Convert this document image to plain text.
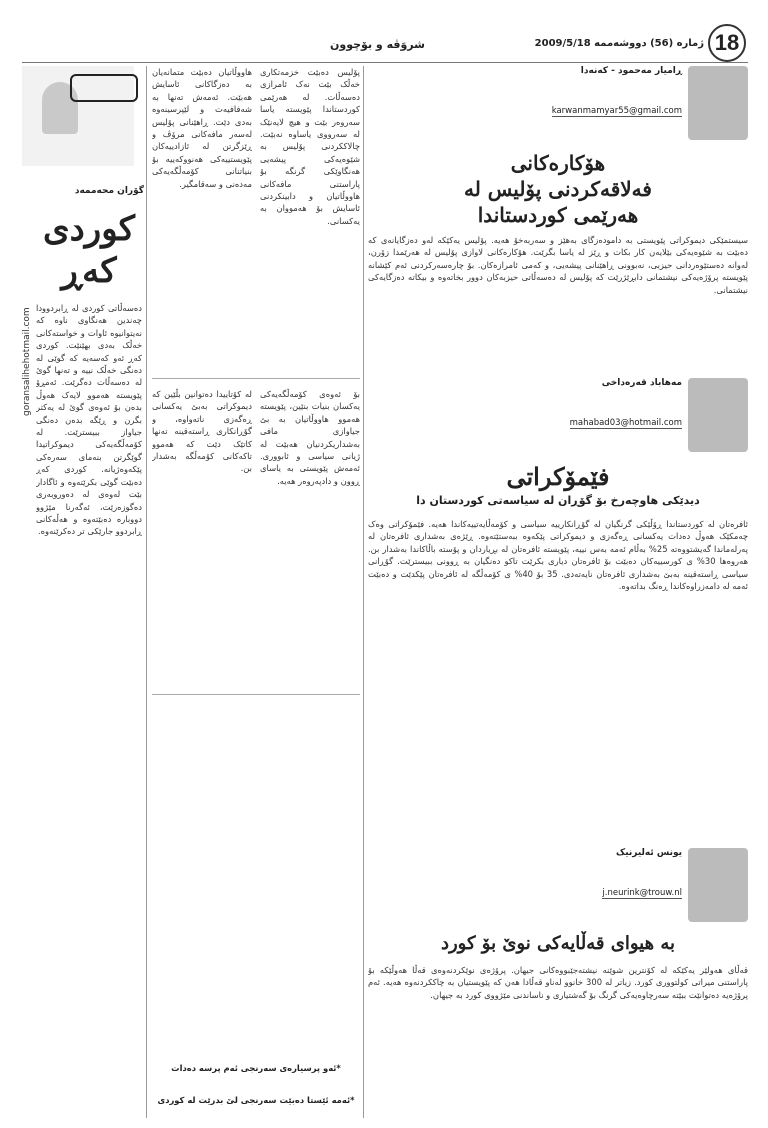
18
ژمارە (56) دووشەممە 2009/5/18
شروَڤە و بۆچوون
goransalihehotmail.com
گۆران محەممەد
کوردی کەڕ
دەسەڵاتی کوردی لە ڕابردوودا چەندین هەنگاوی ناوە کە نەیتوانیوە ئاوات و خواستەکانی خەڵک بەدی بهێنێت. کوردی کەڕ ئەو کەسەیە کە گوێی لە دەنگی خەڵک نییە و تەنها گوێ لە دەسەڵات دەگرێت. ئەمڕۆ پێویستە هەموو لایەک هەوڵ بدەن بۆ ئەوەی گوێ لە یەکتر بگرن و ڕێگە بدەن دەنگی جیاواز ببیسترێت. لە کۆمەڵگەیەکی دیموکراتیدا گوێگرتن بنەمای سەرەکی پێکەوەژیانە. کوردی کەڕ دەبێت گوێی بکرێتەوە و ئاگادار بێت لەوەی لە دەوروبەری دەگوزەرێت، ئەگەرنا مێژوو دووبارە دەبێتەوە و هەڵەکانی ڕابردوو جارێکی تر دەکرێنەوە.
پۆلیس دەبێت خزمەتکاری خەڵک بێت نەک ئامرازی دەسەڵات. لە هەرێمی کوردستاندا پێویستە یاسا سەروەر بێت و هیچ لایەنێک لە سەرووی یاساوە نەبێت. چالاککردنی پۆلیس بە شێوەیەکی پیشەیی هەنگاوێکی گرنگە بۆ پاراستنی مافەکانی هاووڵاتیان و دابینکردنی ئاسایش بۆ هەمووان بە یەکسانی.
هاووڵاتیان دەبێت متمانەیان بە دەزگاکانی ئاسایش هەبێت. ئەمەش تەنها بە شەفافیەت و لێپرسینەوە بەدی دێت. ڕاهێنانی پۆلیس لەسەر مافەکانی مرۆڤ و ڕێزگرتن لە ئازادییەکان پێویستییەکی هەنووکەییە بۆ بنیاتنانی کۆمەڵگەیەکی مەدەنی و سەقامگیر.
بۆ ئەوەی کۆمەڵگەیەکی یەکسان بنیات بنێین، پێویستە هەموو هاووڵاتیان بە بێ جیاوازی مافی بەشداریکردنیان هەبێت لە ژیانی سیاسی و ئابووری. ئەمەش پێویستی بە یاسای ڕوون و دادپەروەر هەیە.
لە کۆتاییدا دەتوانین بڵێین کە دیموکراتی بەبێ یەکسانی ڕەگەزی ناتەواوە، و گۆڕانکاری ڕاستەقینە تەنها کاتێک دێت کە هەموو تاکەکانی کۆمەڵگە بەشدار بن.
*ئەو پرسیارەی سەرنجی ئەم پرسە دەدات
*ئەمە ئێستا دەبێت سەرنجی لێ بدرێت لە کوردی
ڕامیار مەحمود - کەنەدا
karwanmamyar55@gmail.com
هۆکارەکانی
فەلاقەکردنی پۆلیس لە
هەرێمی کوردستاندا
سیستمێکی دیموکراتی پێویستی بە دامودەزگای بەهێز و سەربەخۆ هەیە. پۆلیس یەکێکە لەو دەزگایانەی کە دەبێت بە شێوەیەکی بێلایەن کار بکات و ڕێز لە یاسا بگرێت. هۆکارەکانی لاوازی پۆلیس لە هەرێمدا زۆرن، لەوانە دەستێوەردانی حیزبی، نەبوونی ڕاهێنانی پیشەیی، و کەمی ئامرازەکان. بۆ چارەسەرکردنی ئەم کێشانە پێویستە پرۆژەیەکی نیشتمانی دابڕێژرێت کە پۆلیس لە دەسەڵاتی حیزبەکان دوور بخاتەوە و بیکاتە دەزگایەکی نیشتمانی.
مەهاباد قەرەداخی
mahabad03@hotmail.com
فێمۆکراتی
دیدێکی هاوچەرخ بۆ گۆڕان لە سیاسەتی کوردستان دا
ئافرەتان لە کوردستاندا ڕۆڵێکی گرنگیان لە گۆڕانکارییە سیاسی و کۆمەڵایەتییەکاندا هەیە. فێمۆکراتی وەک چەمکێک هەوڵ دەدات یەکسانی ڕەگەزی و دیموکراتی پێکەوە ببەستێتەوە. ڕێژەی بەشداری ئافرەتان لە پەرلەماندا گەیشتووەتە 25% بەڵام ئەمە بەس نییە، پێویستە ئافرەتان لە بڕیاردان و پۆستە باڵاکاندا بەشدار بن. هەروەها 30% ی کورسییەکان دەبێت بۆ ئافرەتان دیاری بکرێت تاکو دەنگیان بە ڕوونی ببیسترێت. گۆڕانی سیاسی ڕاستەقینە بەبێ بەشداری ئافرەتان نایەتەدی. 35 بۆ 40% ی کۆمەڵگە لە ئافرەتان پێکدێت و دەبێت ئەمە لە دامەزراوەکاندا ڕەنگ بداتەوە.
یونس ئەلیرنیک
j.neurink@trouw.nl
بە هیوای قەڵایەکی نوێ بۆ کورد
قەڵای هەولێر یەکێکە لە کۆنترین شوێنە نیشتەجێبووەکانی جیهان. پرۆژەی نوێکردنەوەی قەڵا هەوڵێکە بۆ پاراستنی میراتی کولتووری کورد. زیاتر لە 300 خانوو لەناو قەڵادا هەن کە پێویستیان بە چاککردنەوە هەیە. ئەم پرۆژەیە دەتوانێت ببێتە سەرچاوەیەکی گرنگ بۆ گەشتیاری و ناساندنی مێژووی کورد بە جیهان.
